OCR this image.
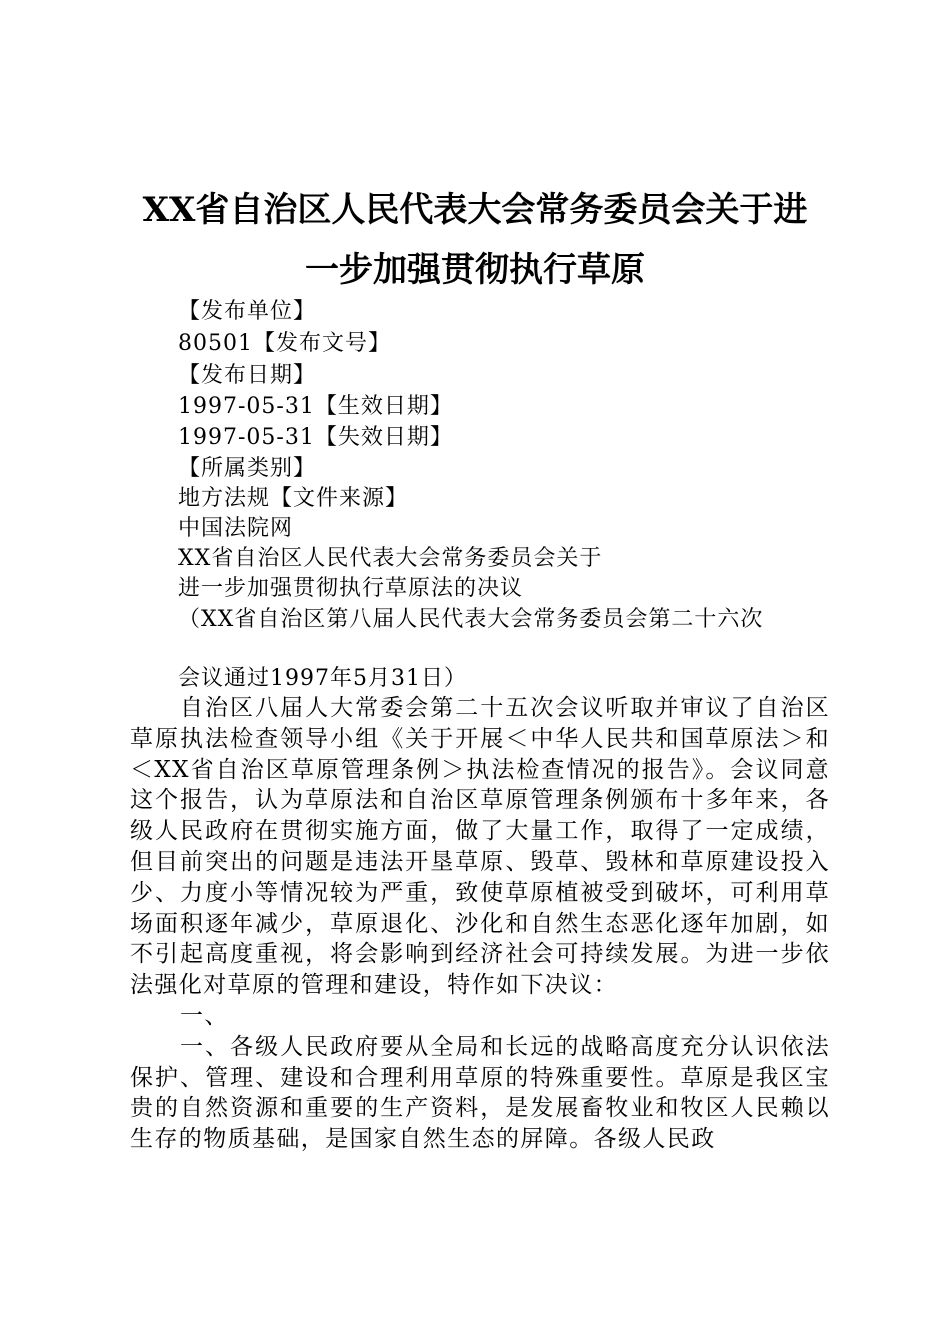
XX省自治区人民代表大会常务委员会关于进
一步加强贯彻执行草原
【发布单位】
80501【发布文号】
【发布日期】
1997-05-31【生效日期】
1997-05-31【失效日期】
【所属类别】
地方法规【文件来源】
中国法院网
XX省自治区人民代表大会常务委员会关于
进一步加强贯彻执行草原法的决议
（XX省自治区第八届人民代表大会常务委员会第二十六次
会议通过1997年5月31日）

自治区八届人大常委会第二十五次会议听取并审议了自治区草原执法检查领导小组《关于开展＜中华人民共和国草原法＞和＜XX省自治区草原管理条例＞执法检查情况的报告》。会议同意这个报告，认为草原法和自治区草原管理条例颁布十多年来，各级人民政府在贯彻实施方面，做了大量工作，取得了一定成绩，但目前突出的问题是违法开垦草原、毁草、毁林和草原建设投入少、力度小等情况较为严重，致使草原植被受到破坏，可利用草场面积逐年减少，草原退化、沙化和自然生态恶化逐年加剧，如不引起高度重视，将会影响到经济社会可持续发展。为进一步依法强化对草原的管理和建设，特作如下决议：

一、

一、各级人民政府要从全局和长远的战略高度充分认识依法保护、管理、建设和合理利用草原的特殊重要性。草原是我区宝贵的自然资源和重要的生产资料，是发展畜牧业和牧区人民赖以生存的物质基础，是国家自然生态的屏障。各级人民政
